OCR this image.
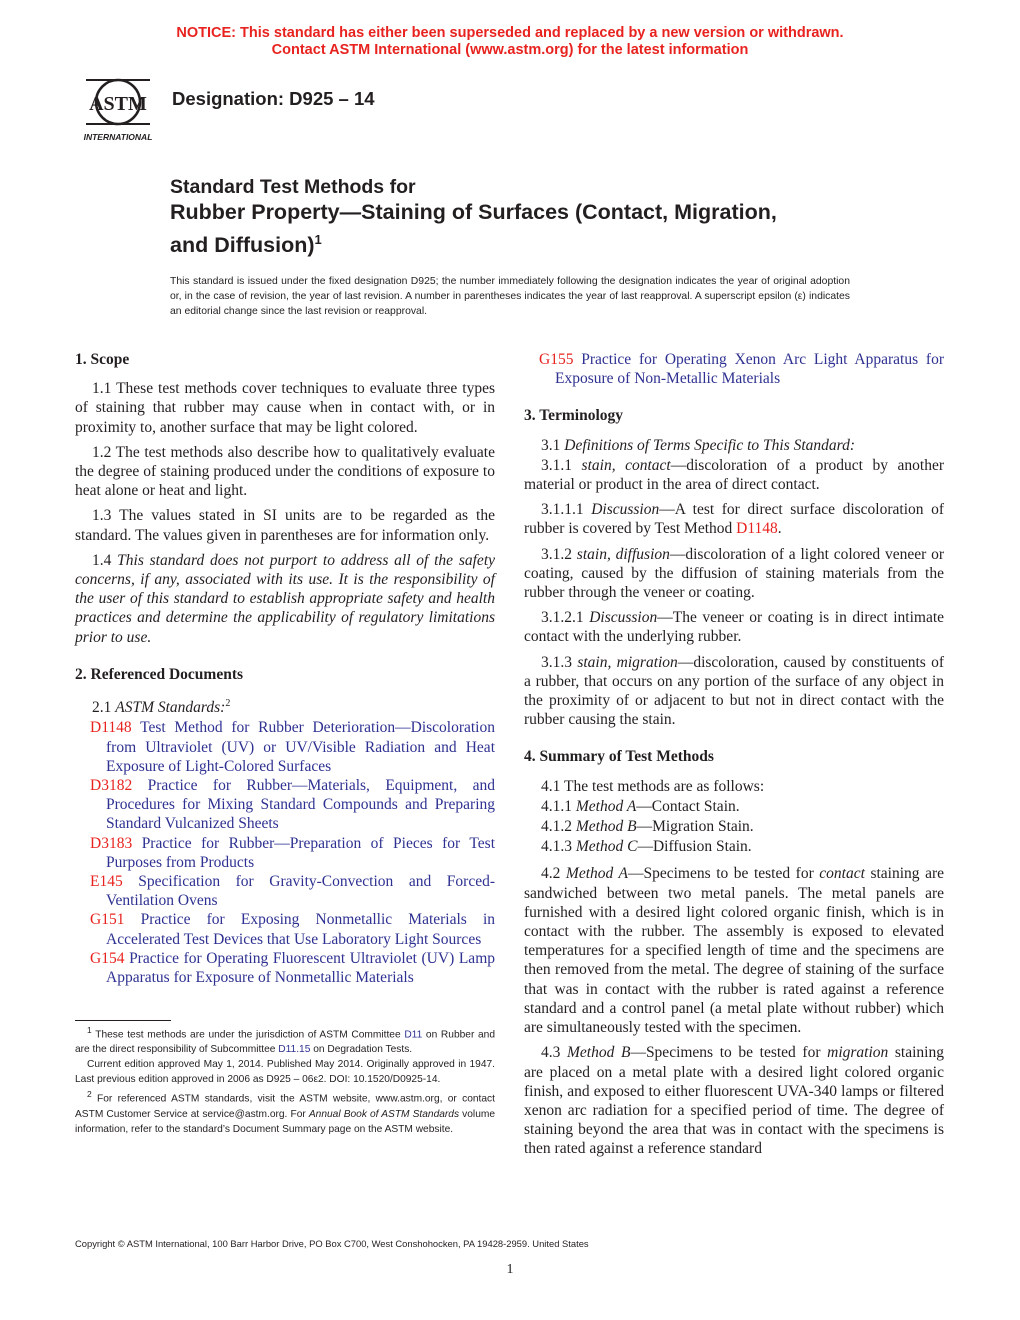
NOTICE: This standard has either been superseded and replaced by a new version or withdrawn.
Contact ASTM International (www.astm.org) for the latest information
ASTM
INTERNATIONAL
Designation: D925 – 14
Standard Test Methods for
Rubber Property—Staining of Surfaces (Contact, Migration,
and Diffusion)$^1$
This standard is issued under the fixed designation D925; the number immediately following the designation indicates the year of original adoption or, in the case of revision, the year of last revision. A number in parentheses indicates the year of last reapproval. A superscript epsilon (ε) indicates an editorial change since the last revision or reapproval.
1. Scope

1.1 These test methods cover techniques to evaluate three types of staining that rubber may cause when in contact with, or in proximity to, another surface that may be light colored.

1.2 The test methods also describe how to qualitatively evaluate the degree of staining produced under the conditions of exposure to heat alone or heat and light.

1.3 The values stated in SI units are to be regarded as the standard. The values given in parentheses are for information only.

1.4 This standard does not purport to address all of the safety concerns, if any, associated with its use. It is the responsibility of the user of this standard to establish appropriate safety and health practices and determine the applicability of regulatory limitations prior to use.

2. Referenced Documents

2.1 ASTM Standards:$^2$

D1148 Test Method for Rubber Deterioration—Discoloration from Ultraviolet (UV) or UV/Visible Radiation and Heat Exposure of Light-Colored Surfaces

D3182 Practice for Rubber—Materials, Equipment, and Procedures for Mixing Standard Compounds and Preparing Standard Vulcanized Sheets

D3183 Practice for Rubber—Preparation of Pieces for Test Purposes from Products

E145 Specification for Gravity-Convection and Forced-Ventilation Ovens

G151 Practice for Exposing Nonmetallic Materials in Accelerated Test Devices that Use Laboratory Light Sources

G154 Practice for Operating Fluorescent Ultraviolet (UV) Lamp Apparatus for Exposure of Nonmetallic Materials

G155 Practice for Operating Xenon Arc Light Apparatus for Exposure of Non-Metallic Materials

3. Terminology

3.1 Definitions of Terms Specific to This Standard:

3.1.1 stain, contact—discoloration of a product by another material or product in the area of direct contact.

3.1.1.1 Discussion—A test for direct surface discoloration of rubber is covered by Test Method D1148.

3.1.2 stain, diffusion—discoloration of a light colored veneer or coating, caused by the diffusion of staining materials from the rubber through the veneer or coating.

3.1.2.1 Discussion—The veneer or coating is in direct intimate contact with the underlying rubber.

3.1.3 stain, migration—discoloration, caused by constituents of a rubber, that occurs on any portion of the surface of any object in the proximity of or adjacent to but not in direct contact with the rubber causing the stain.

4. Summary of Test Methods

4.1 The test methods are as follows:

4.1.1 Method A—Contact Stain.

4.1.2 Method B—Migration Stain.

4.1.3 Method C—Diffusion Stain.

4.2 Method A—Specimens to be tested for contact staining are sandwiched between two metal panels. The metal panels are furnished with a desired light colored organic finish, which is in contact with the rubber. The assembly is exposed to elevated temperatures for a specified length of time and the specimens are then removed from the metal. The degree of staining of the surface that was in contact with the rubber is rated against a reference standard and a control panel (a metal plate without rubber) which are simultaneously tested with the specimen.

4.3 Method B—Specimens to be tested for migration staining are placed on a metal plate with a desired light colored organic finish, and exposed to either fluorescent UVA-340 lamps or filtered xenon arc radiation for a specified period of time. The degree of staining beyond the area that was in contact with the specimens is then rated against a reference standard

$^1$ These test methods are under the jurisdiction of ASTM Committee D11 on Rubber and are the direct responsibility of Subcommittee D11.15 on Degradation Tests.

Current edition approved May 1, 2014. Published May 2014. Originally approved in 1947. Last previous edition approved in 2006 as D925 – 06ε2. DOI: 10.1520/D0925-14.

$^2$ For referenced ASTM standards, visit the ASTM website, www.astm.org, or contact ASTM Customer Service at service@astm.org. For Annual Book of ASTM Standards volume information, refer to the standard’s Document Summary page on the ASTM website.

Copyright © ASTM International, 100 Barr Harbor Drive, PO Box C700, West Conshohocken, PA 19428-2959. United States
1
